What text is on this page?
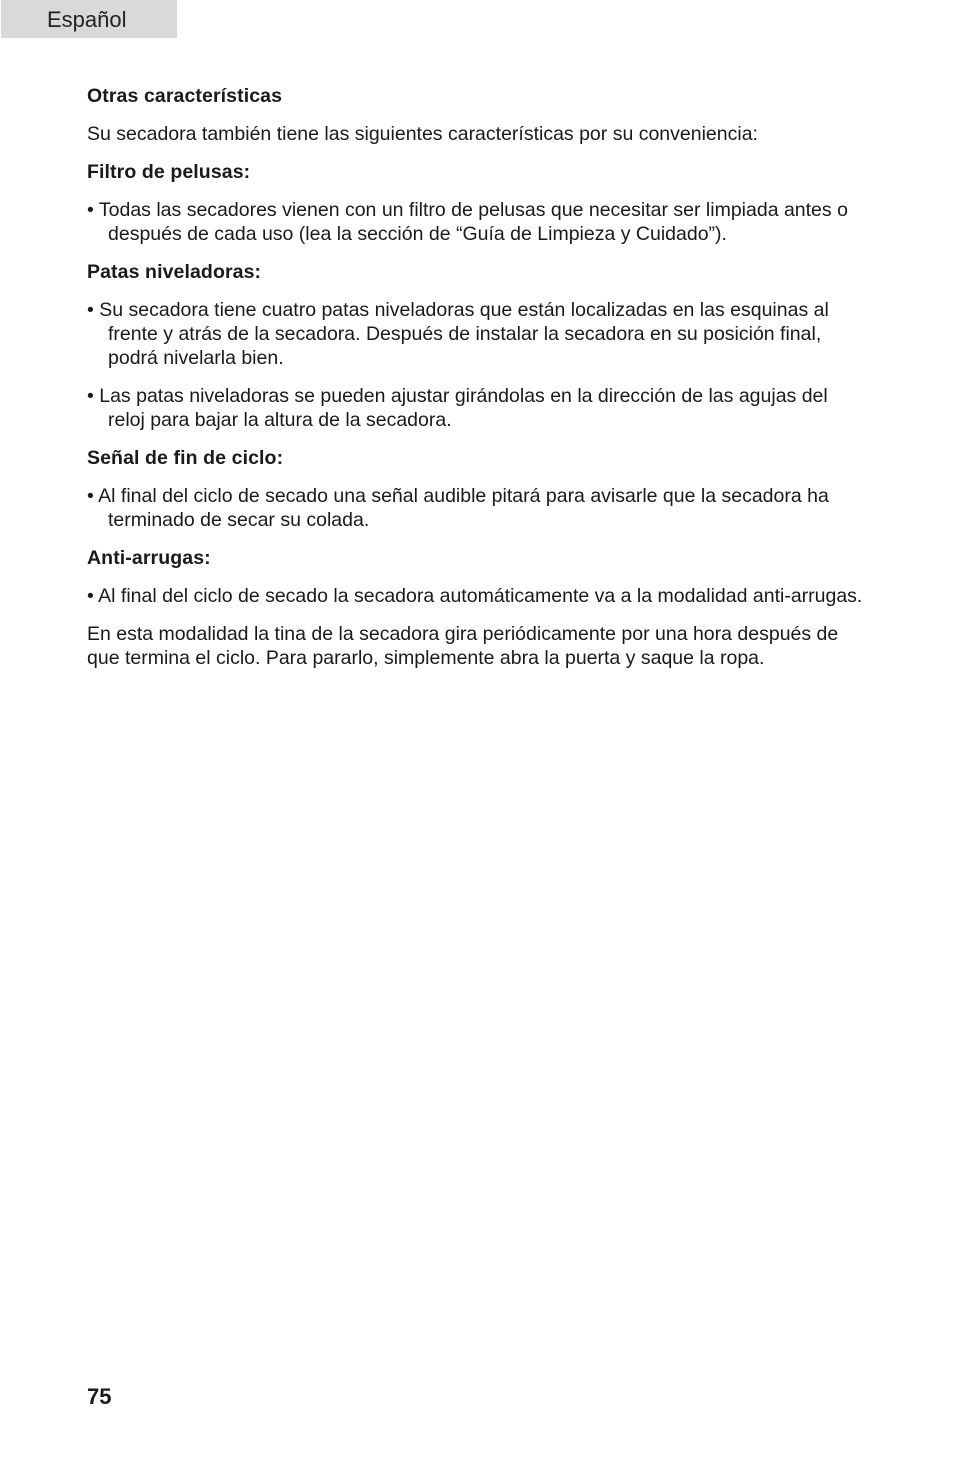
Español
Otras características
Su secadora también tiene las siguientes características por su conveniencia:
Filtro de pelusas:
• Todas las secadores vienen con un filtro de pelusas que necesitar ser limpiada antes o después de cada uso (lea la sección de “Guía de Limpieza y Cuidado”).
Patas niveladoras:
• Su secadora tiene cuatro patas niveladoras que están localizadas en las esquinas al frente y atrás de la secadora. Después de instalar la secadora en su posición final, podrá nivelarla bien.
• Las patas niveladoras se pueden ajustar girándolas en la dirección de las agujas del reloj para bajar la altura de la secadora.
Señal de fin de ciclo:
• Al final del ciclo de secado una señal audible pitará para avisarle que la secadora ha terminado de secar su colada.
Anti-arrugas:
• Al final del ciclo de secado la secadora automáticamente va a la modalidad anti-arrugas.
En esta modalidad la tina de la secadora gira periódicamente por una hora después de que termina el ciclo. Para pararlo, simplemente abra la puerta y saque la ropa.
75
